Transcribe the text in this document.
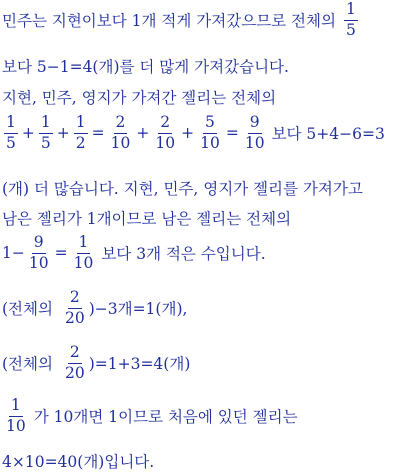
민주는 지현이보다 1개 적게 가져갔으므로 전체의 $\frac{1}{5}$
보다 5−1=4(개)를 더 많게 가져갔습니다.
지현, 민주, 영지가 가져간 젤리는 전체의
$\frac{1}{5} + \frac{1}{5} + \frac{1}{2} = \frac{2}{10} + \frac{2}{10} + \frac{5}{10} = \frac{9}{10}$ 보다 5+4−6=3
(개) 더 많습니다. 지현, 민주, 영지가 젤리를 가져가고
남은 젤리가 1개이므로 남은 젤리는 전체의
$1- \frac{9}{10} = \frac{1}{10}$ 보다 3개 적은 수입니다.
(전체의 $\frac{2}{20} )-3$개=1(개),
(전체의 $\frac{2}{20} )=1+3=4$(개)
$\frac{1}{10}$ 가 10개면 1이므로 처음에 있던 젤리는
4×10=40(개)입니다.
